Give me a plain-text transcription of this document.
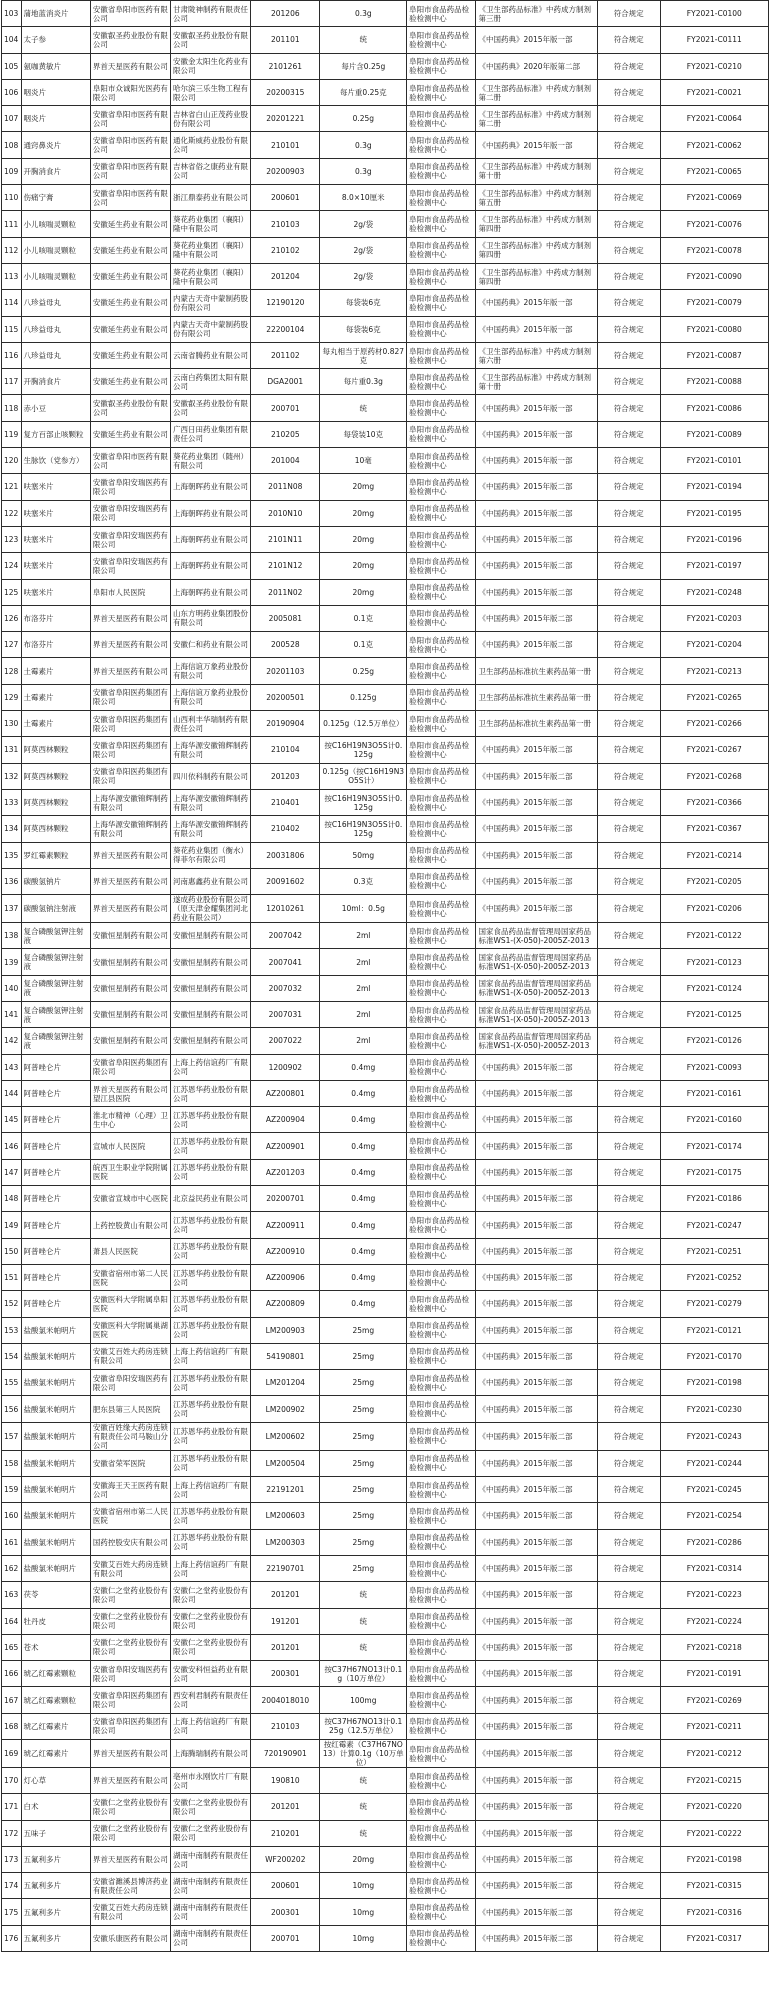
103	蒲地蓝消炎片	安徽省阜阳市医药有限公司	甘肃陇神制药有限责任公司	201206	0.3g	阜阳市食品药品检验检测中心	《卫生部药品标准》中药成方制剂第三册	符合规定	FY2021-C0100
104	太子参	安徽叡圣药业股份有限公司	安徽叡圣药业股份有限公司	201101	统	阜阳市食品药品检验检测中心	《中国药典》2015年版一部	符合规定	FY2021-C0111
105	氨咖黄敏片	界首天星医药有限公司	安徽金太阳生化药业有限公司	2101261	每片含0.25g	阜阳市食品药品检验检测中心	《中国药典》2020年版第二部	符合规定	FY2021-C0210
106	咽炎片	阜阳市众诚阳光医药有限公司	哈尔滨三乐生物工程有限公司	20200315	每片重0.25克	阜阳市食品药品检验检测中心	《卫生部药品标准》中药成方制剂第二册	符合规定	FY2021-C0021
107	咽炎片	安徽省阜阳市医药有限公司	吉林省白山正茂药业股份有限公司	20201221	0.25g	阜阳市食品药品检验检测中心	《卫生部药品标准》中药成方制剂第二册	符合规定	FY2021-C0064
108	通窍鼻炎片	安徽省阜阳市医药有限公司	通化斯威药业股份有限公司	210101	0.3g	阜阳市食品药品检验检测中心	《中国药典》2015年版一部	符合规定	FY2021-C0062
109	开胸消食片	安徽省阜阳市医药有限公司	吉林省俗之康药业有限公司	20200903	0.3g	阜阳市食品药品检验检测中心	《卫生部药品标准》中药成方制剂第十册	符合规定	FY2021-C0065
110	伤痛宁膏	安徽省阜阳市医药有限公司	浙江鼎泰药业有限公司	200601	8.0×10厘米	阜阳市食品药品检验检测中心	《卫生部药品标准》中药成方制剂第五册	符合规定	FY2021-C0069
111	小儿咳喘灵颗粒	安徽延生药业有限公司	葵花药业集团（襄阳）隆中有限公司	210103	2g/袋	阜阳市食品药品检验检测中心	《卫生部药品标准》中药成方制剂第四册	符合规定	FY2021-C0076
112	小儿咳喘灵颗粒	安徽延生药业有限公司	葵花药业集团（襄阳）隆中有限公司	210102	2g/袋	阜阳市食品药品检验检测中心	《卫生部药品标准》中药成方制剂第四册	符合规定	FY2021-C0078
113	小儿咳喘灵颗粒	安徽延生药业有限公司	葵花药业集团（襄阳）隆中有限公司	201204	2g/袋	阜阳市食品药品检验检测中心	《卫生部药品标准》中药成方制剂第四册	符合规定	FY2021-C0090
114	八珍益母丸	安徽延生药业有限公司	内蒙古天奇中蒙制药股份有限公司	12190120	每袋装6克	阜阳市食品药品检验检测中心	《中国药典》2015年版一部	符合规定	FY2021-C0079
115	八珍益母丸	安徽延生药业有限公司	内蒙古天奇中蒙制药股份有限公司	22200104	每袋装6克	阜阳市食品药品检验检测中心	《中国药典》2015年版一部	符合规定	FY2021-C0080
116	八珍益母丸	安徽延生药业有限公司	云南省腾药业有限公司	201102	每丸相当于原药材0.827克	阜阳市食品药品检验检测中心	《卫生部药品标准》中药成方制剂第六册	符合规定	FY2021-C0087
117	开胸消食片	安徽延生药业有限公司	云南白药集团太阳有限公司	DGA2001	每片重0.3g	阜阳市食品药品检验检测中心	《卫生部药品标准》中药成方制剂第十册	符合规定	FY2021-C0088
118	赤小豆	安徽叡圣药业股份有限公司	安徽叡圣药业股份有限公司	200701	统	阜阳市食品药品检验检测中心	《中国药典》2015年版一部	符合规定	FY2021-C0086
119	复方百部止咳颗粒	安徽延生药业有限公司	广西日田药业集团有限责任公司	210205	每袋装10克	阜阳市食品药品检验检测中心	《中国药典》2015年版一部	符合规定	FY2021-C0089
120	生脉饮（党参方）	安徽省阜阳市医药有限公司	葵花药业集团（随州）有限公司	201004	10毫	阜阳市食品药品检验检测中心	《中国药典》2015年版一部	符合规定	FY2021-C0101
121	呋塞米片	安徽省阜阳安瑞医药有限公司	上海朝晖药业有限公司	2011N08	20mg	阜阳市食品药品检验检测中心	《中国药典》2015年版二部	符合规定	FY2021-C0194
122	呋塞米片	安徽省阜阳安瑞医药有限公司	上海朝晖药业有限公司	2010N10	20mg	阜阳市食品药品检验检测中心	《中国药典》2015年版二部	符合规定	FY2021-C0195
123	呋塞米片	安徽省阜阳安瑞医药有限公司	上海朝晖药业有限公司	2101N11	20mg	阜阳市食品药品检验检测中心	《中国药典》2015年版二部	符合规定	FY2021-C0196
124	呋塞米片	安徽省阜阳安瑞医药有限公司	上海朝晖药业有限公司	2101N12	20mg	阜阳市食品药品检验检测中心	《中国药典》2015年版二部	符合规定	FY2021-C0197
125	呋塞米片	阜阳市人民医院	上海朝晖药业有限公司	2011N02	20mg	阜阳市食品药品检验检测中心	《中国药典》2015年版二部	符合规定	FY2021-C0248
126	布洛芬片	界首天星医药有限公司	山东方明药业集团股份有限公司	2005081	0.1克	阜阳市食品药品检验检测中心	《中国药典》2015年版二部	符合规定	FY2021-C0203
127	布洛芬片	界首天星医药有限公司	安徽仁和药业有限公司	200528	0.1克	阜阳市食品药品检验检测中心	《中国药典》2015年版二部	符合规定	FY2021-C0204
128	土霉素片	界首天星医药有限公司	上海信谊万象药业股份有限公司	20201103	0.25g	阜阳市食品药品检验检测中心	卫生部药品标准抗生素药品第一册	符合规定	FY2021-C0213
129	土霉素片	安徽省阜阳医药集团有限公司	上海信谊万象药业股份有限公司	20200501	0.125g	阜阳市食品药品检验检测中心	卫生部药品标准抗生素药品第一册	符合规定	FY2021-C0265
130	土霉素片	安徽省阜阳医药集团有限公司	山西利丰华瑞制药有限责任公司	20190904	0.125g（12.5万单位）	阜阳市食品药品检验检测中心	卫生部药品标准抗生素药品第一册	符合规定	FY2021-C0266
131	阿莫西林颗粒	安徽省阜阳医药集团有限公司	上海华源安徽锦辉制药有限公司	210104	按C16H19N3O5S计0.125g	阜阳市食品药品检验检测中心	《中国药典》2015年版二部	符合规定	FY2021-C0267
132	阿莫西林颗粒	安徽省阜阳医药集团有限公司	四川依科制药有限公司	201203	0.125g（按C16H19N3O5S计）	阜阳市食品药品检验检测中心	《中国药典》2015年版二部	符合规定	FY2021-C0268
133	阿莫西林颗粒	上海华源安徽锦辉制药有限公司	上海华源安徽锦辉制药有限公司	210401	按C16H19N3O5S计0.125g	阜阳市食品药品检验检测中心	《中国药典》2015年版二部	符合规定	FY2021-C0366
134	阿莫西林颗粒	上海华源安徽锦辉制药有限公司	上海华源安徽锦辉制药有限公司	210402	按C16H19N3O5S计0.125g	阜阳市食品药品检验检测中心	《中国药典》2015年版二部	符合规定	FY2021-C0367
135	罗红霉素颗粒	界首天星医药有限公司	葵花药业集团（衡水）得菲尔有限公司	20031806	50mg	阜阳市食品药品检验检测中心	《中国药典》2015年版二部	符合规定	FY2021-C0214
136	碳酸氢钠片	界首天星医药有限公司	河南惠鑫药业有限公司	20091602	0.3克	阜阳市食品药品检验检测中心	《中国药典》2015年版二部	符合规定	FY2021-C0205
137	碳酸氢钠注射液	界首天星医药有限公司	遂成药业股份有限公司（原天津金耀集团河北药业有限公司）	12010261	10ml：0.5g	阜阳市食品药品检验检测中心	《中国药典》2015年版二部	符合规定	FY2021-C0206
138	复合磷酸氢钾注射液	安徽恒星制药有限公司	安徽恒星制药有限公司	2007042	2ml	阜阳市食品药品检验检测中心	国家食品药品监督管理局国家药品标准WS1-(X-050)-2005Z-2013	符合规定	FY2021-C0122
139	复合磷酸氢钾注射液	安徽恒星制药有限公司	安徽恒星制药有限公司	2007041	2ml	阜阳市食品药品检验检测中心	国家食品药品监督管理局国家药品标准WS1-(X-050)-2005Z-2013	符合规定	FY2021-C0123
140	复合磷酸氢钾注射液	安徽恒星制药有限公司	安徽恒星制药有限公司	2007032	2ml	阜阳市食品药品检验检测中心	国家食品药品监督管理局国家药品标准WS1-(X-050)-2005Z-2013	符合规定	FY2021-C0124
141	复合磷酸氢钾注射液	安徽恒星制药有限公司	安徽恒星制药有限公司	2007031	2ml	阜阳市食品药品检验检测中心	国家食品药品监督管理局国家药品标准WS1-(X-050)-2005Z-2013	符合规定	FY2021-C0125
142	复合磷酸氢钾注射液	安徽恒星制药有限公司	安徽恒星制药有限公司	2007022	2ml	阜阳市食品药品检验检测中心	国家食品药品监督管理局国家药品标准WS1-(X-050)-2005Z-2013	符合规定	FY2021-C0126
143	阿普唑仑片	安徽省阜阳医药集团有限公司	上海上药信谊药厂有限公司	1200902	0.4mg	阜阳市食品药品检验检测中心	《中国药典》2015年版二部	符合规定	FY2021-C0093
144	阿普唑仑片	界首天星医药有限公司望江县医院	江苏恩华药业股份有限公司	AZ200801	0.4mg	阜阳市食品药品检验检测中心	《中国药典》2015年版二部	符合规定	FY2021-C0161
145	阿普唑仑片	淮北市精神（心理）卫生中心	江苏恩华药业股份有限公司	AZ200904	0.4mg	阜阳市食品药品检验检测中心	《中国药典》2015年版二部	符合规定	FY2021-C0160
146	阿普唑仑片	宣城市人民医院	江苏恩华药业股份有限公司	AZ200901	0.4mg	阜阳市食品药品检验检测中心	《中国药典》2015年版二部	符合规定	FY2021-C0174
147	阿普唑仑片	皖西卫生职业学院附属医院	江苏恩华药业股份有限公司	AZ201203	0.4mg	阜阳市食品药品检验检测中心	《中国药典》2015年版二部	符合规定	FY2021-C0175
148	阿普唑仑片	安徽省宣城市中心医院	北京益民药业有限公司	20200701	0.4mg	阜阳市食品药品检验检测中心	《中国药典》2015年版二部	符合规定	FY2021-C0186
149	阿普唑仑片	上药控股黄山有限公司	江苏恩华药业股份有限公司	AZ200911	0.4mg	阜阳市食品药品检验检测中心	《中国药典》2015年版二部	符合规定	FY2021-C0247
150	阿普唑仑片	萧县人民医院	江苏恩华药业股份有限公司	AZ200910	0.4mg	阜阳市食品药品检验检测中心	《中国药典》2015年版二部	符合规定	FY2021-C0251
151	阿普唑仑片	安徽省宿州市第二人民医院	江苏恩华药业股份有限公司	AZ200906	0.4mg	阜阳市食品药品检验检测中心	《中国药典》2015年版二部	符合规定	FY2021-C0252
152	阿普唑仑片	安徽医科大学附属阜阳医院	江苏恩华药业股份有限公司	AZ200809	0.4mg	阜阳市食品药品检验检测中心	《中国药典》2015年版二部	符合规定	FY2021-C0279
153	盐酸氯米帕明片	安徽医科大学附属巢湖医院	江苏恩华药业股份有限公司	LM200903	25mg	阜阳市食品药品检验检测中心	《中国药典》2015年版二部	符合规定	FY2021-C0121
154	盐酸氯米帕明片	安徽艾百姓大药房连锁有限公司	上海上药信谊药厂有限公司	54190801	25mg	阜阳市食品药品检验检测中心	《中国药典》2015年版二部	符合规定	FY2021-C0170
155	盐酸氯米帕明片	安徽省阜阳安瑞医药有限公司	江苏恩华药业股份有限公司	LM201204	25mg	阜阳市食品药品检验检测中心	《中国药典》2015年版二部	符合规定	FY2021-C0198
156	盐酸氯米帕明片	肥东县第三人民医院	江苏恩华药业股份有限公司	LM200902	25mg	阜阳市食品药品检验检测中心	《中国药典》2015年版二部	符合规定	FY2021-C0230
157	盐酸氯米帕明片	安徽百姓缘大药房连锁有限责任公司马鞍山分公司	江苏恩华药业股份有限公司	LM200602	25mg	阜阳市食品药品检验检测中心	《中国药典》2015年版二部	符合规定	FY2021-C0243
158	盐酸氯米帕明片	安徽省荣军医院	江苏恩华药业股份有限公司	LM200504	25mg	阜阳市食品药品检验检测中心	《中国药典》2015年版二部	符合规定	FY2021-C0244
159	盐酸氯米帕明片	安徽海王天王医药有限公司	上海上药信谊药厂有限公司	22191201	25mg	阜阳市食品药品检验检测中心	《中国药典》2015年版二部	符合规定	FY2021-C0245
160	盐酸氯米帕明片	安徽省宿州市第二人民医院	江苏恩华药业股份有限公司	LM200603	25mg	阜阳市食品药品检验检测中心	《中国药典》2015年版二部	符合规定	FY2021-C0254
161	盐酸氯米帕明片	国药控股安庆有限公司	江苏恩华药业股份有限公司	LM200303	25mg	阜阳市食品药品检验检测中心	《中国药典》2015年版二部	符合规定	FY2021-C0286
162	盐酸氯米帕明片	安徽艾百姓大药房连锁有限公司	上海上药信谊药厂有限公司	22190701	25mg	阜阳市食品药品检验检测中心	《中国药典》2015年版二部	符合规定	FY2021-C0314
163	茯苓	安徽仁之堂药业股份有限公司	安徽仁之堂药业股份有限公司	201201	统	阜阳市食品药品检验检测中心	《中国药典》2015年版一部	符合规定	FY2021-C0223
164	牡丹皮	安徽仁之堂药业股份有限公司	安徽仁之堂药业股份有限公司	191201	统	阜阳市食品药品检验检测中心	《中国药典》2015年版一部	符合规定	FY2021-C0224
165	苍术	安徽仁之堂药业股份有限公司	安徽仁之堂药业股份有限公司	201201	统	阜阳市食品药品检验检测中心	《中国药典》2015年版一部	符合规定	FY2021-C0218
166	琥乙红霉素颗粒	安徽省阜阳安瑞医药有限公司	安徽安科恒益药业有限公司	200301	按C37H67NO13计0.1g（10万单位）	阜阳市食品药品检验检测中心	《中国药典》2015年版二部	符合规定	FY2021-C0191
167	琥乙红霉素颗粒	安徽省阜阳医药集团有限公司	西安利君制药有限责任公司	2004018010	100mg	阜阳市食品药品检验检测中心	《中国药典》2015年版二部	符合规定	FY2021-C0269
168	琥乙红霉素片	安徽省阜阳医药集团有限公司	上海上药信谊药厂有限公司	210103	按C37H67NO13计0.125g（12.5万单位）	阜阳市食品药品检验检测中心	《中国药典》2015年版二部	符合规定	FY2021-C0211
169	琥乙红霉素片	界首天星医药有限公司	上海腾瑞制药有限公司	720190901	按红霉素（C37H67NO13）计算0.1g（10万单位）	阜阳市食品药品检验检测中心	《中国药典》2015年版二部	符合规定	FY2021-C0212
170	灯心草	界首天星医药有限公司	亳州市永刚饮片厂有限公司	190810	统	阜阳市食品药品检验检测中心	《中国药典》2015年版一部	符合规定	FY2021-C0215
171	白术	安徽仁之堂药业股份有限公司	安徽仁之堂药业股份有限公司	201201	统	阜阳市食品药品检验检测中心	《中国药典》2015年版一部	符合规定	FY2021-C0220
172	五味子	安徽仁之堂药业股份有限公司	安徽仁之堂药业股份有限公司	210201	统	阜阳市食品药品检验检测中心	《中国药典》2015年版一部	符合规定	FY2021-C0222
173	五氟利多片	界首天星医药有限公司	湖南中南制药有限责任公司	WF200202	20mg	阜阳市食品药品检验检测中心	《中国药典》2015年版二部	符合规定	FY2021-C0198
174	五氟利多片	安徽省濉溪县博济药业有限责任公司	湖南中南制药有限责任公司	200601	10mg	阜阳市食品药品检验检测中心	《中国药典》2015年版二部	符合规定	FY2021-C0315
175	五氟利多片	安徽艾百姓大药房连锁有限公司	湖南中南制药有限责任公司	200301	10mg	阜阳市食品药品检验检测中心	《中国药典》2015年版二部	符合规定	FY2021-C0316
176	五氟利多片	安徽乐康医药有限公司	湖南中南制药有限责任公司	200701	10mg	阜阳市食品药品检验检测中心	《中国药典》2015年版二部	符合规定	FY2021-C0317
